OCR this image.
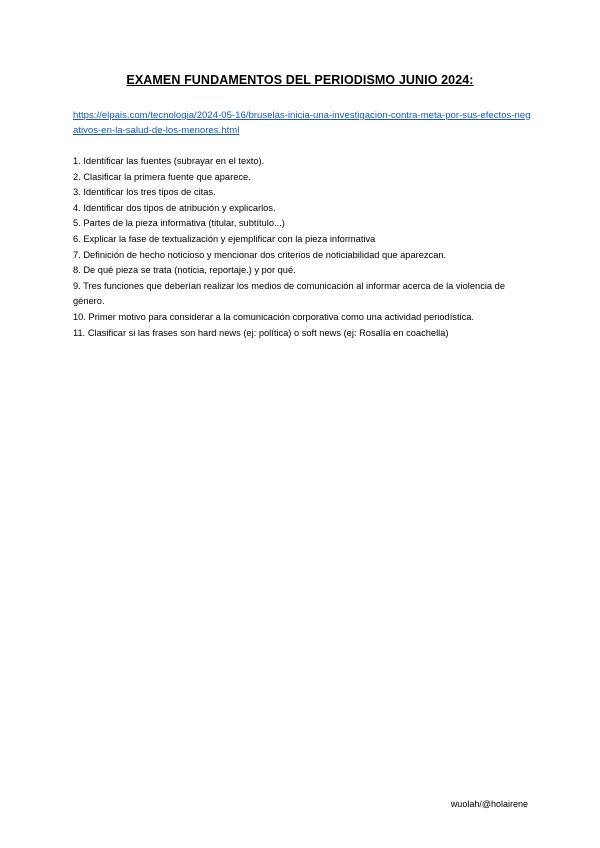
EXAMEN FUNDAMENTOS DEL PERIODISMO JUNIO 2024:
https://elpais.com/tecnologia/2024-05-16/bruselas-inicia-una-investigacion-contra-meta-por-sus-efectos-negativos-en-la-salud-de-los-menores.html
1. Identificar las fuentes (subrayar en el texto).
2. Clasificar la primera fuente que aparece.
3. Identificar los tres tipos de citas.
4. Identificar dos tipos de atribución y explicarlos.
5. Partes de la pieza informativa (titular, subtítulo...)
6. Explicar la fase de textualización y ejemplificar con la pieza informativa
7. Definición de hecho noticioso y mencionar dos criterios de noticiabilidad que aparezcan.
8. De qué pieza se trata (noticia, reportaje.) y por qué.
9. Tres funciones que deberían realizar los medios de comunicación al informar acerca de la violencia de género.
10. Primer motivo para considerar a la comunicación corporativa como una actividad periodística.
11. Clasificar si las frases son hard news (ej: política) o soft news (ej: Rosalía en coachella)
wuolah/@holairene
